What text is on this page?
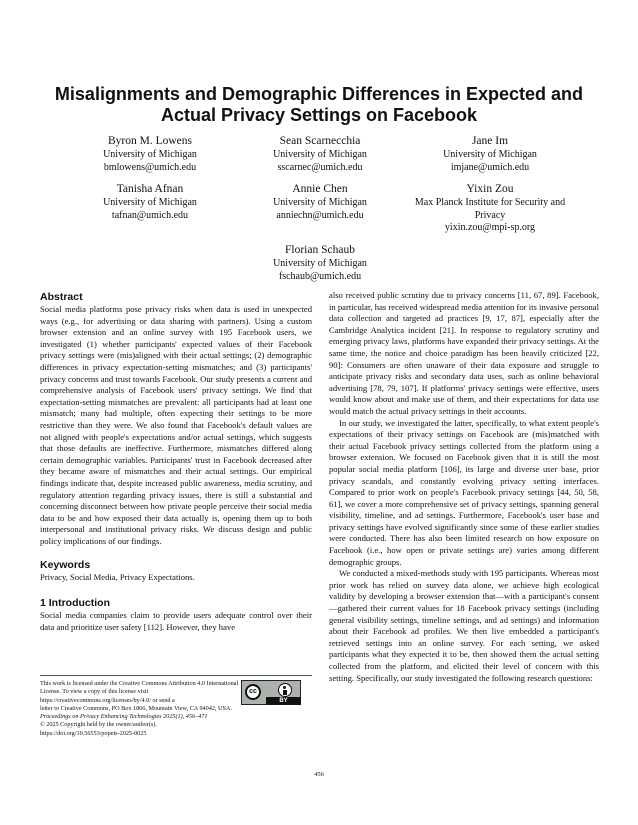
Misalignments and Demographic Differences in Expected and Actual Privacy Settings on Facebook
Byron M. Lowens
University of Michigan
bmlowens@umich.edu
Sean Scarnecchia
University of Michigan
sscarnec@umich.edu
Jane Im
University of Michigan
imjane@umich.edu
Tanisha Afnan
University of Michigan
tafnan@umich.edu
Annie Chen
University of Michigan
anniechn@umich.edu
Yixin Zou
Max Planck Institute for Security and
Privacy
yixin.zou@mpi-sp.org
Florian Schaub
University of Michigan
fschaub@umich.edu
Abstract

Social media platforms pose privacy risks when data is used in unexpected ways (e.g., for advertising or data sharing with partners). Using a custom browser extension and an online survey with 195 Facebook users, we investigated (1) whether participants' expected values of their Facebook privacy settings were (mis)aligned with their actual settings; (2) demographic differences in privacy expectation-setting mismatches; and (3) participants' privacy concerns and trust towards Facebook. Our study presents a current and comprehensive analysis of Facebook users' privacy settings. We find that expectation-setting mismatches are prevalent: all participants had at least one mismatch; many had multiple, often expecting their settings to be more restrictive than they were. We also found that Facebook's default values are not aligned with people's expectations and/or actual settings, which suggests that those defaults are ineffective. Furthermore, mismatches differed along certain demographic variables. Participants' trust in Facebook decreased after they became aware of mismatches and their actual settings. Our empirical findings indicate that, despite increased public awareness, media scrutiny, and regulatory attention regarding privacy issues, there is still a substantial and concerning disconnect between how private people perceive their social media data to be and how exposed their data actually is, opening them up to both interpersonal and institutional privacy risks. We discuss design and public policy implications of our findings.

Keywords

Privacy, Social Media, Privacy Expectations.

1 Introduction

Social media companies claim to provide users adequate control over their data and prioritize user safety [112]. However, they have

also received public scrutiny due to privacy concerns [11, 67, 89]. Facebook, in particular, has received widespread media attention for its invasive personal data collection and targeted ad practices [9, 17, 87], especially after the Cambridge Analytica incident [21]. In response to regulatory scrutiny and emerging privacy laws, platforms have expanded their privacy settings. At the same time, the notice and choice paradigm has been heavily criticized [22, 90]: Consumers are often unaware of their data exposure and struggle to anticipate privacy risks and secondary data uses, such as online behavioral advertising [78, 79, 107]. If platforms' privacy settings were effective, users would know about and make use of them, and their expectations for data use would match the actual privacy settings in their accounts.

In our study, we investigated the latter, specifically, to what extent people's expectations of their privacy settings on Facebook are (mis)matched with their actual Facebook privacy settings collected from the platform using a browser extension. We focused on Facebook given that it is still the most popular social media platform [106], its large and diverse user base, prior privacy scandals, and constantly evolving privacy setting interfaces. Compared to prior work on people's Facebook privacy settings [44, 50, 58, 61], we cover a more comprehensive set of privacy settings, spanning general visibility, timeline, and ad settings. Furthermore, Facebook's user base and privacy settings have evolved significantly since some of these earlier studies were conducted. There has also been limited research on how exposure on Facebook (i.e., how open or private settings are) varies among different demographic groups.

We conducted a mixed-methods study with 195 participants. Whereas most prior work has relied on survey data alone, we achieve high ecological validity by developing a browser extension that—with a participant's consent—gathered their current values for 18 Facebook privacy settings (including general visibility settings, timeline settings, and ad settings) and information about their Facebook ad profiles. We then live embedded a participant's retrieved settings into an online survey. For each setting, we asked participants what they expected it to be, then showed them the actual setting collected from the platform, and elicited their level of concern with this setting. Specifically, our study investigated the following research questions:

This work is licensed under the Creative Commons Attribution 4.0 International License. To view a copy of this license visit https://creativecommons.org/licenses/by/4.0/ or send a
letter to Creative Commons, PO Box 1866, Mountain View, CA 94042, USA.
Proceedings on Privacy Enhancing Technologies 2025(1), 456–471
© 2025 Copyright held by the owner/author(s).
https://doi.org/10.56553/popets-2025-0025
cc
BY
456
